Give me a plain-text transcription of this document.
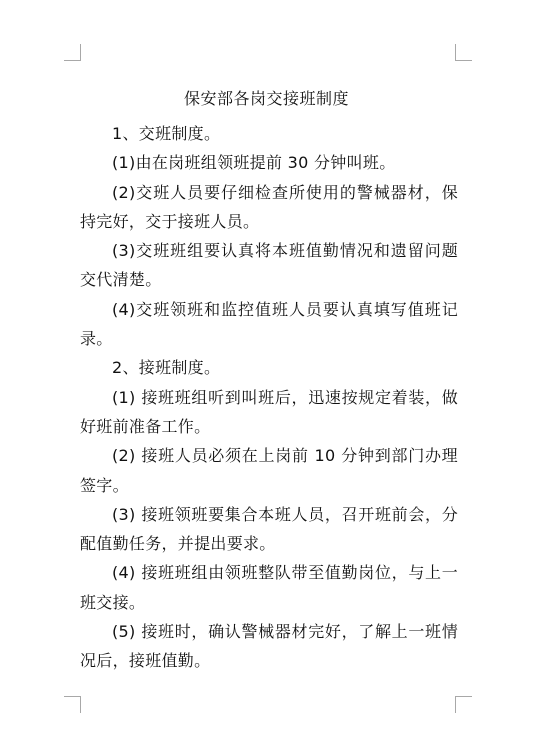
保安部各岗交接班制度

1、交班制度。

(1)由在岗班组领班提前 30 分钟叫班。

(2)交班人员要仔细检查所使用的警械器材，保持完好，交于接班人员。

(3)交班班组要认真将本班值勤情况和遗留问题交代清楚。

(4)交班领班和监控值班人员要认真填写值班记录。

2、接班制度。

(1) 接班班组听到叫班后，迅速按规定着装，做好班前准备工作。

(2) 接班人员必须在上岗前 10 分钟到部门办理签字。

(3) 接班领班要集合本班人员，召开班前会，分配值勤任务，并提出要求。

(4) 接班班组由领班整队带至值勤岗位，与上一班交接。

(5) 接班时，确认警械器材完好，了解上一班情况后，接班值勤。
